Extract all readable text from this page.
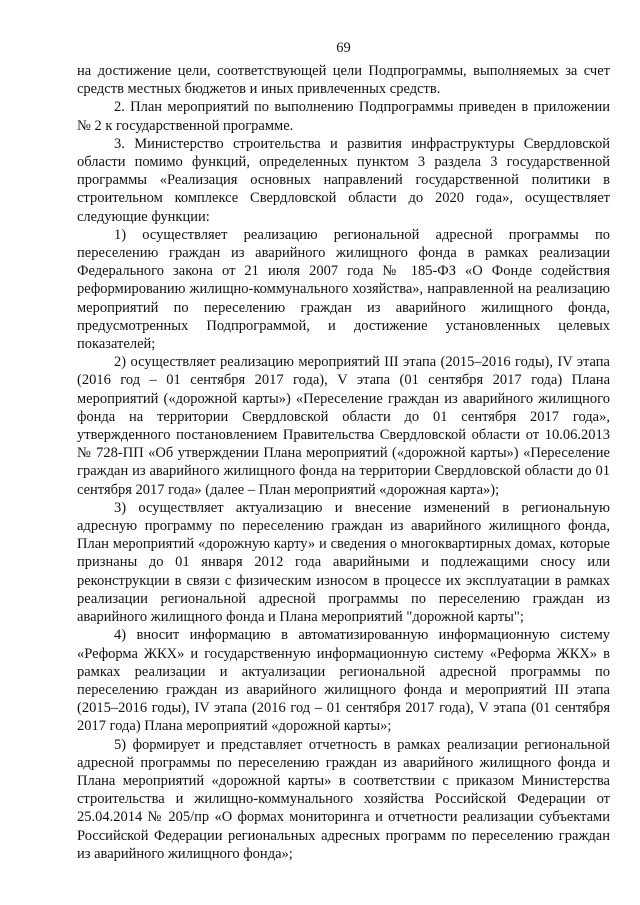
69

на достижение цели, соответствующей цели Подпрограммы, выполняемых за счет средств местных бюджетов и иных привлеченных средств.

2. План мероприятий по выполнению Подпрограммы приведен в приложении № 2 к государственной программе.

3. Министерство строительства и развития инфраструктуры Свердловской области помимо функций, определенных пунктом 3 раздела 3 государственной программы «Реализация основных направлений государственной политики в строительном комплексе Свердловской области до 2020 года», осуществляет следующие функции:

1) осуществляет реализацию региональной адресной программы по переселению граждан из аварийного жилищного фонда в рамках реализации Федерального закона от 21 июля 2007 года № 185-ФЗ «О Фонде содействия реформированию жилищно-коммунального хозяйства», направленной на реализацию мероприятий по переселению граждан из аварийного жилищного фонда, предусмотренных Подпрограммой, и достижение установленных целевых показателей;

2) осуществляет реализацию мероприятий III этапа (2015–2016 годы), IV этапа (2016 год – 01 сентября 2017 года), V этапа (01 сентября 2017 года) Плана мероприятий («дорожной карты») «Переселение граждан из аварийного жилищного фонда на территории Свердловской области до 01 сентября 2017 года», утвержденного постановлением Правительства Свердловской области от 10.06.2013 № 728-ПП «Об утверждении Плана мероприятий («дорожной карты») «Переселение граждан из аварийного жилищного фонда на территории Свердловской области до 01 сентября 2017 года» (далее – План мероприятий «дорожная карта»);

3) осуществляет актуализацию и внесение изменений в региональную адресную программу по переселению граждан из аварийного жилищного фонда, План мероприятий «дорожную карту» и сведения о многоквартирных домах, которые признаны до 01 января 2012 года аварийными и подлежащими сносу или реконструкции в связи с физическим износом в процессе их эксплуатации в рамках реализации региональной адресной программы по переселению граждан из аварийного жилищного фонда и Плана мероприятий "дорожной карты";

4) вносит информацию в автоматизированную информационную систему «Реформа ЖКХ» и государственную информационную систему «Реформа ЖКХ» в рамках реализации и актуализации региональной адресной программы по переселению граждан из аварийного жилищного фонда и мероприятий III этапа (2015–2016 годы), IV этапа (2016 год – 01 сентября 2017 года), V этапа (01 сентября 2017 года) Плана мероприятий «дорожной карты»;

5) формирует и представляет отчетность в рамках реализации региональной адресной программы по переселению граждан из аварийного жилищного фонда и Плана мероприятий «дорожной карты» в соответствии с приказом Министерства строительства и жилищно-коммунального хозяйства Российской Федерации от 25.04.2014 № 205/пр «О формах мониторинга и отчетности реализации субъектами Российской Федерации региональных адресных программ по переселению граждан из аварийного жилищного фонда»;
